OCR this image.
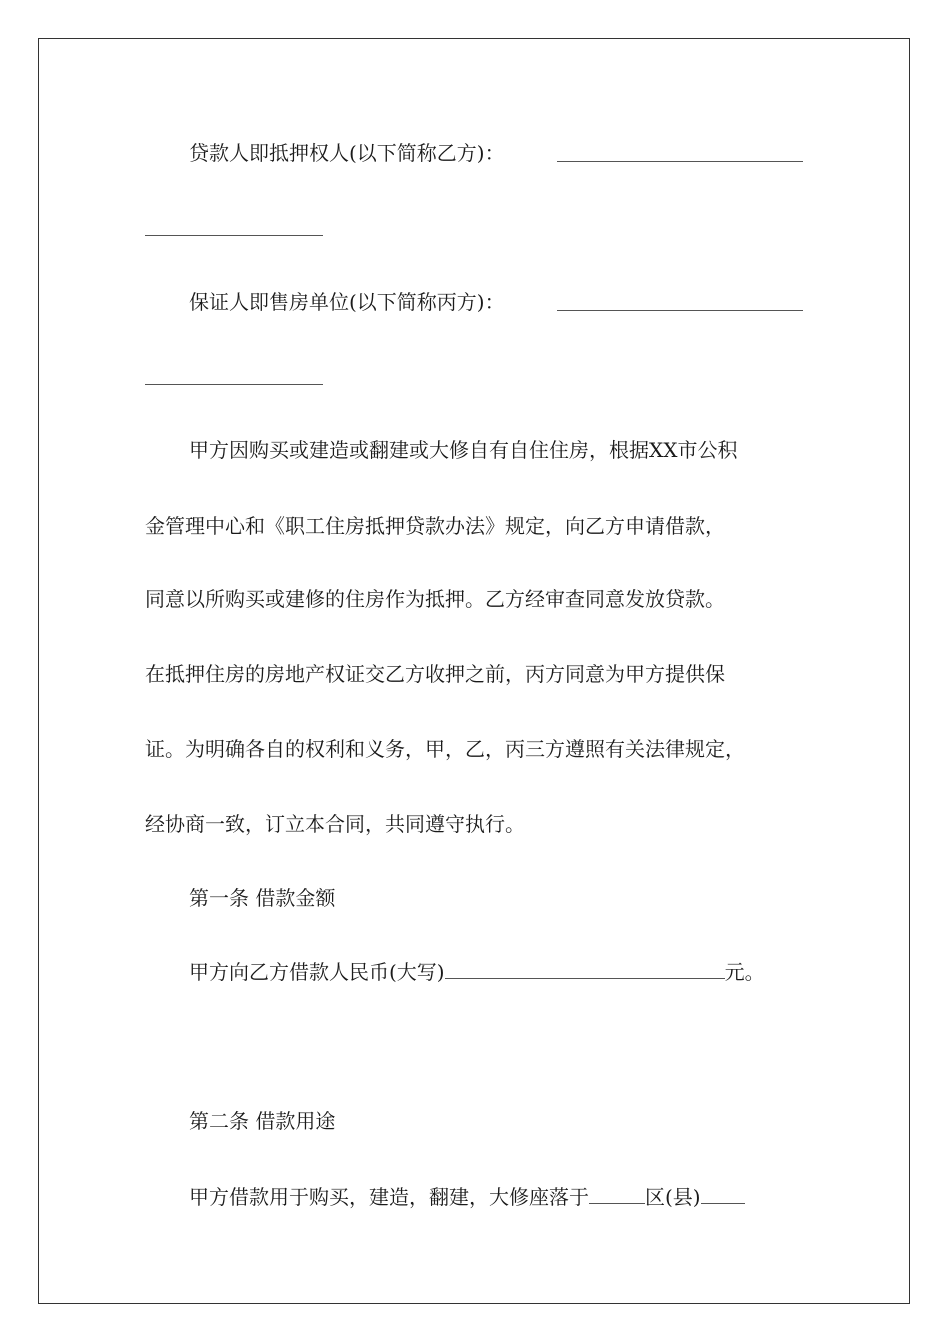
贷款人即抵押权人(以下简称乙方)：
保证人即售房单位(以下简称丙方)：
甲方因购买或建造或翻建或大修自有自住住房，根据XX市公积
金管理中心和《职工住房抵押贷款办法》规定，向乙方申请借款，
同意以所购买或建修的住房作为抵押。乙方经审查同意发放贷款。
在抵押住房的房地产权证交乙方收押之前，丙方同意为甲方提供保
证。为明确各自的权利和义务，甲，乙，丙三方遵照有关法律规定，
经协商一致，订立本合同，共同遵守执行。
第一条 借款金额
甲方向乙方借款人民币(大写)	元。
第二条 借款用途
甲方借款用于购买，建造，翻建，大修座落于	区(县)
